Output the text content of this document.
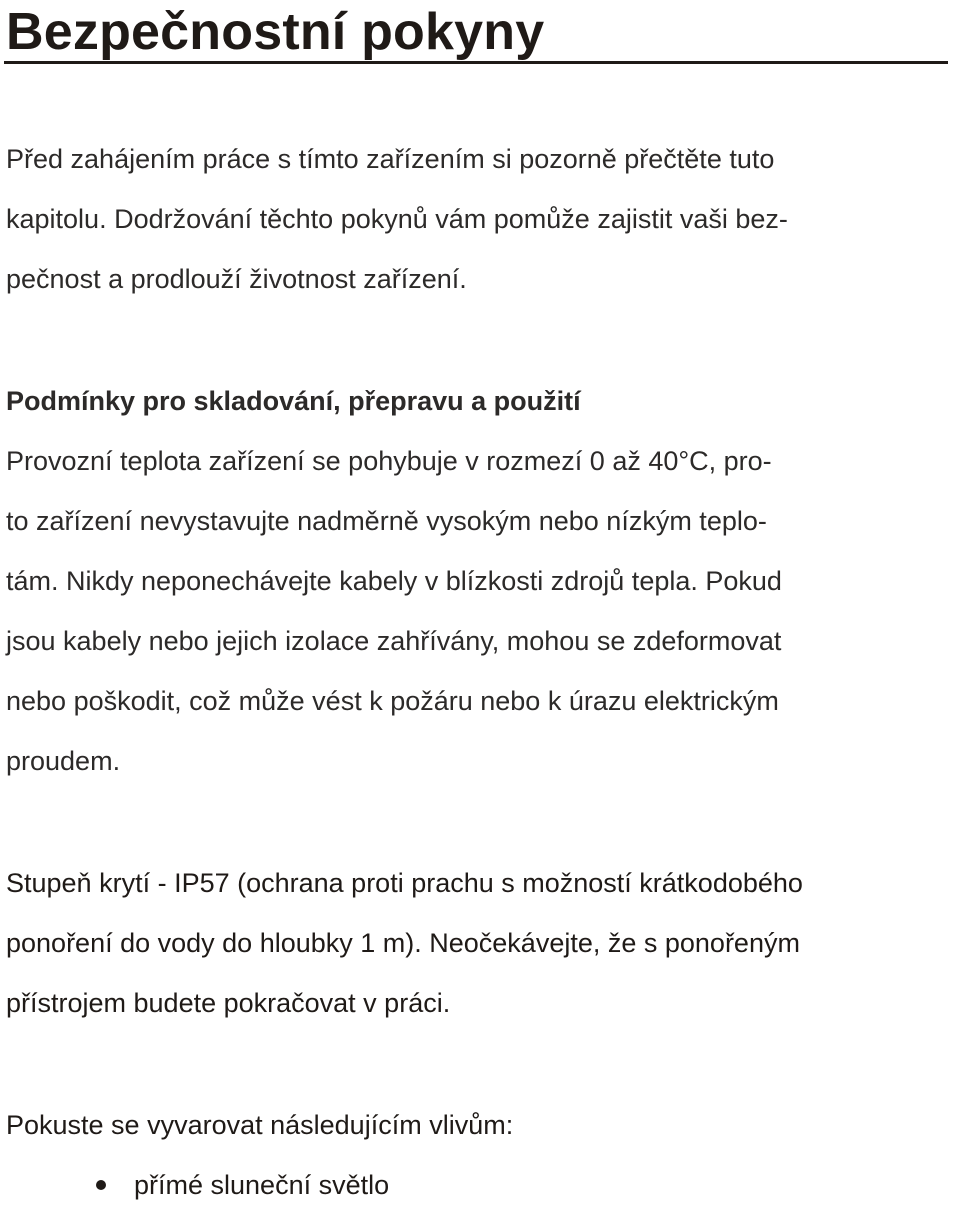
Bezpečnostní pokyny

Před zahájením práce s tímto zařízením si pozorně přečtěte tuto
kapitolu. Dodržování těchto pokynů vám pomůže zajistit vaši bez-
pečnost a prodlouží životnost zařízení.

Podmínky pro skladování, přepravu a použití
Provozní teplota zařízení se pohybuje v rozmezí 0 až 40°C, pro-
to zařízení nevystavujte nadměrně vysokým nebo nízkým teplo-
tám. Nikdy neponechávejte kabely v blízkosti zdrojů tepla. Pokud
jsou kabely nebo jejich izolace zahřívány, mohou se zdeformovat
nebo poškodit, což může vést k požáru nebo k úrazu elektrickým
proudem.

Stupeň krytí - IP57 (ochrana proti prachu s možností krátkodobého
ponoření do vody do hloubky 1 m). Neočekávejte, že s ponořeným
přístrojem budete pokračovat v práci.

Pokuste se vyvarovat následujícím vlivům:

přímé sluneční světlo
